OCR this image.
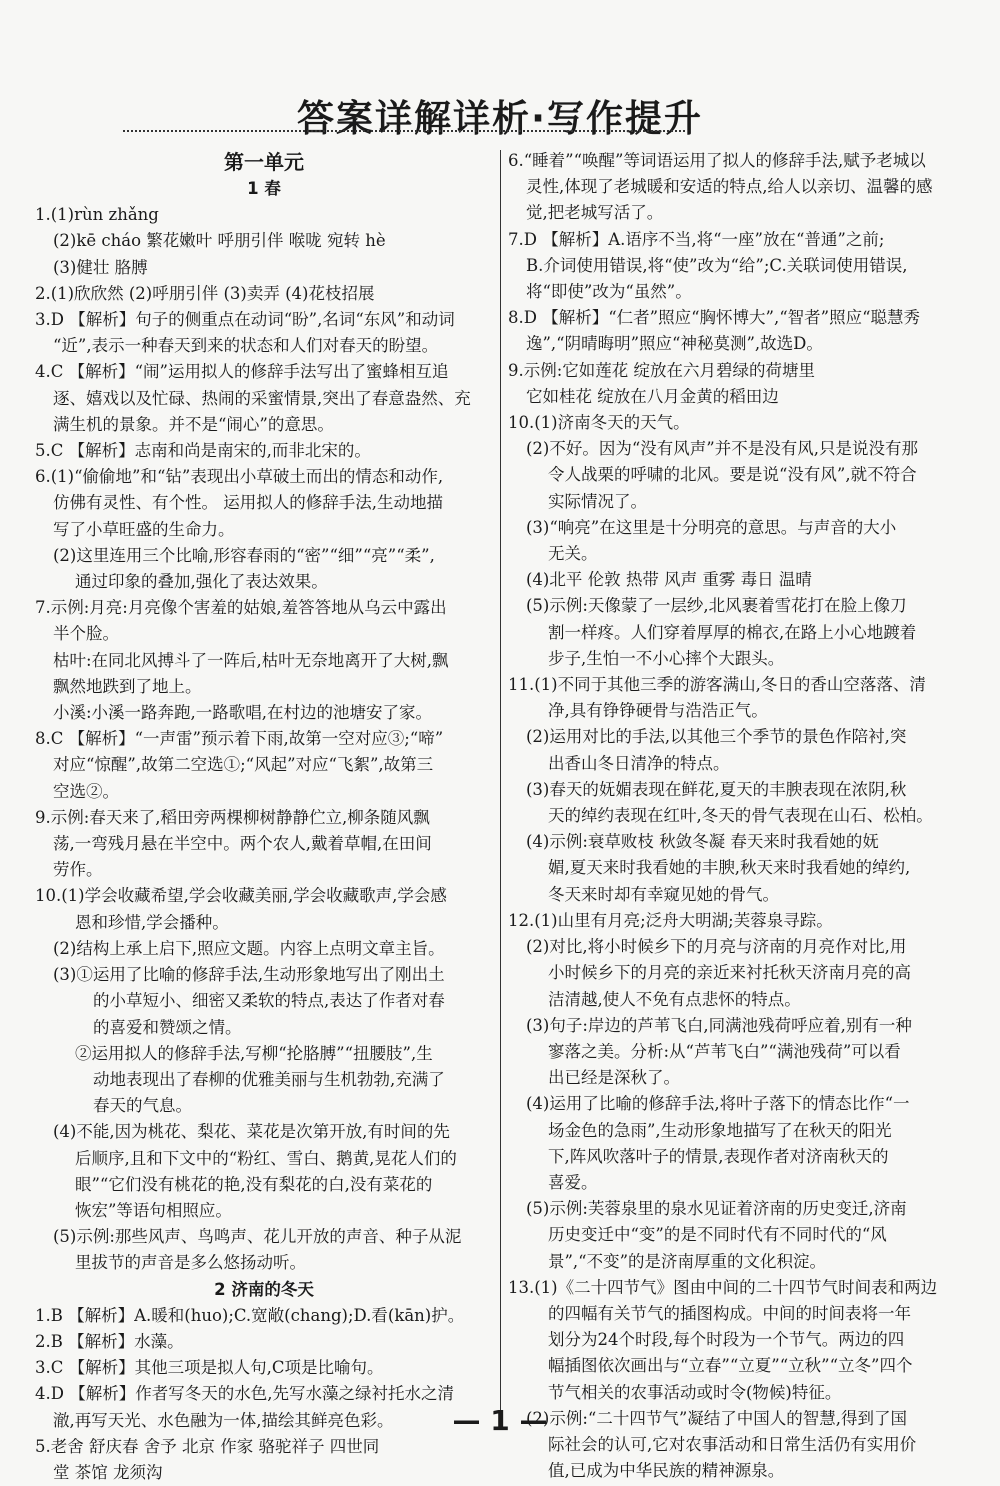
答案详解详析·写作提升
第一单元
1 春
1.(1)rùn zhǎng
(2)kē cháo 繁花嫩叶 呼朋引伴 喉咙 宛转 hè
(3)健壮 胳膊
2.(1)欣欣然 (2)呼朋引伴 (3)卖弄 (4)花枝招展
3.D 【解析】句子的侧重点在动词“盼”,名词“东风”和动词
“近”,表示一种春天到来的状态和人们对春天的盼望。
4.C 【解析】“闹”运用拟人的修辞手法写出了蜜蜂相互追
逐、嬉戏以及忙碌、热闹的采蜜情景,突出了春意盎然、充
满生机的景象。并不是“闹心”的意思。
5.C 【解析】志南和尚是南宋的,而非北宋的。
6.(1)“偷偷地”和“钻”表现出小草破土而出的情态和动作,
仿佛有灵性、有个性。 运用拟人的修辞手法,生动地描
写了小草旺盛的生命力。
(2)这里连用三个比喻,形容春雨的“密”“细”“亮”“柔”,
通过印象的叠加,强化了表达效果。
7.示例:月亮:月亮像个害羞的姑娘,羞答答地从乌云中露出
半个脸。
枯叶:在同北风搏斗了一阵后,枯叶无奈地离开了大树,飘
飘然地跌到了地上。
小溪:小溪一路奔跑,一路歌唱,在村边的池塘安了家。
8.C 【解析】“一声雷”预示着下雨,故第一空对应③;“啼”
对应“惊醒”,故第二空选①;“风起”对应“飞絮”,故第三
空选②。
9.示例:春天来了,稻田旁两棵柳树静静伫立,柳条随风飘
荡,一弯残月悬在半空中。两个农人,戴着草帽,在田间
劳作。
10.(1)学会收藏希望,学会收藏美丽,学会收藏歌声,学会感
恩和珍惜,学会播种。
(2)结构上承上启下,照应文题。内容上点明文章主旨。
(3)①运用了比喻的修辞手法,生动形象地写出了刚出土
的小草短小、细密又柔软的特点,表达了作者对春
的喜爱和赞颂之情。
②运用拟人的修辞手法,写柳“抡胳膊”“扭腰肢”,生
动地表现出了春柳的优雅美丽与生机勃勃,充满了
春天的气息。
(4)不能,因为桃花、梨花、菜花是次第开放,有时间的先
后顺序,且和下文中的“粉红、雪白、鹅黄,晃花人们的
眼”“它们没有桃花的艳,没有梨花的白,没有菜花的
恢宏”等语句相照应。
(5)示例:那些风声、鸟鸣声、花儿开放的声音、种子从泥
里拔节的声音是多么悠扬动听。
2 济南的冬天
1.B 【解析】A.暖和(huo);C.宽敞(chang);D.看(kān)护。
2.B 【解析】水藻。
3.C 【解析】其他三项是拟人句,C项是比喻句。
4.D 【解析】作者写冬天的水色,先写水藻之绿衬托水之清
澈,再写天光、水色融为一体,描绘其鲜亮色彩。
5.老舍 舒庆春 舍予 北京 作家 骆驼祥子 四世同
堂 茶馆 龙须沟
6.“睡着”“唤醒”等词语运用了拟人的修辞手法,赋予老城以
灵性,体现了老城暖和安适的特点,给人以亲切、温馨的感
觉,把老城写活了。
7.D 【解析】A.语序不当,将“一座”放在“普通”之前;
B.介词使用错误,将“使”改为“给”;C.关联词使用错误,
将“即使”改为“虽然”。
8.D 【解析】“仁者”照应“胸怀博大”,“智者”照应“聪慧秀
逸”,“阴晴晦明”照应“神秘莫测”,故选D。
9.示例:它如莲花 绽放在六月碧绿的荷塘里
它如桂花 绽放在八月金黄的稻田边
10.(1)济南冬天的天气。
(2)不好。因为“没有风声”并不是没有风,只是说没有那
令人战栗的呼啸的北风。要是说“没有风”,就不符合
实际情况了。
(3)“响亮”在这里是十分明亮的意思。与声音的大小
无关。
(4)北平 伦敦 热带 风声 重雾 毒日 温晴
(5)示例:天像蒙了一层纱,北风裹着雪花打在脸上像刀
割一样疼。人们穿着厚厚的棉衣,在路上小心地踱着
步子,生怕一不小心摔个大跟头。
11.(1)不同于其他三季的游客满山,冬日的香山空落落、清
净,具有铮铮硬骨与浩浩正气。
(2)运用对比的手法,以其他三个季节的景色作陪衬,突
出香山冬日清净的特点。
(3)春天的妩媚表现在鲜花,夏天的丰腴表现在浓阴,秋
天的绰约表现在红叶,冬天的骨气表现在山石、松柏。
(4)示例:衰草败枝 秋敛冬凝 春天来时我看她的妩
媚,夏天来时我看她的丰腴,秋天来时我看她的绰约,
冬天来时却有幸窥见她的骨气。
12.(1)山里有月亮;泛舟大明湖;芙蓉泉寻踪。
(2)对比,将小时候乡下的月亮与济南的月亮作对比,用
小时候乡下的月亮的亲近来衬托秋天济南月亮的高
洁清越,使人不免有点悲怀的特点。
(3)句子:岸边的芦苇飞白,同满池残荷呼应着,别有一种
寥落之美。分析:从“芦苇飞白”“满池残荷”可以看
出已经是深秋了。
(4)运用了比喻的修辞手法,将叶子落下的情态比作“一
场金色的急雨”,生动形象地描写了在秋天的阳光
下,阵风吹落叶子的情景,表现作者对济南秋天的
喜爱。
(5)示例:芙蓉泉里的泉水见证着济南的历史变迁,济南
历史变迁中“变”的是不同时代有不同时代的“风
景”,“不变”的是济南厚重的文化积淀。
13.(1)《二十四节气》图由中间的二十四节气时间表和两边
的四幅有关节气的插图构成。中间的时间表将一年
划分为24个时段,每个时段为一个节气。两边的四
幅插图依次画出与“立春”“立夏”“立秋”“立冬”四个
节气相关的农事活动或时令(物候)特征。
(2)示例:“二十四节气”凝结了中国人的智慧,得到了国
际社会的认可,它对农事活动和日常生活仍有实用价
值,已成为中华民族的精神源泉。
— 1 —
